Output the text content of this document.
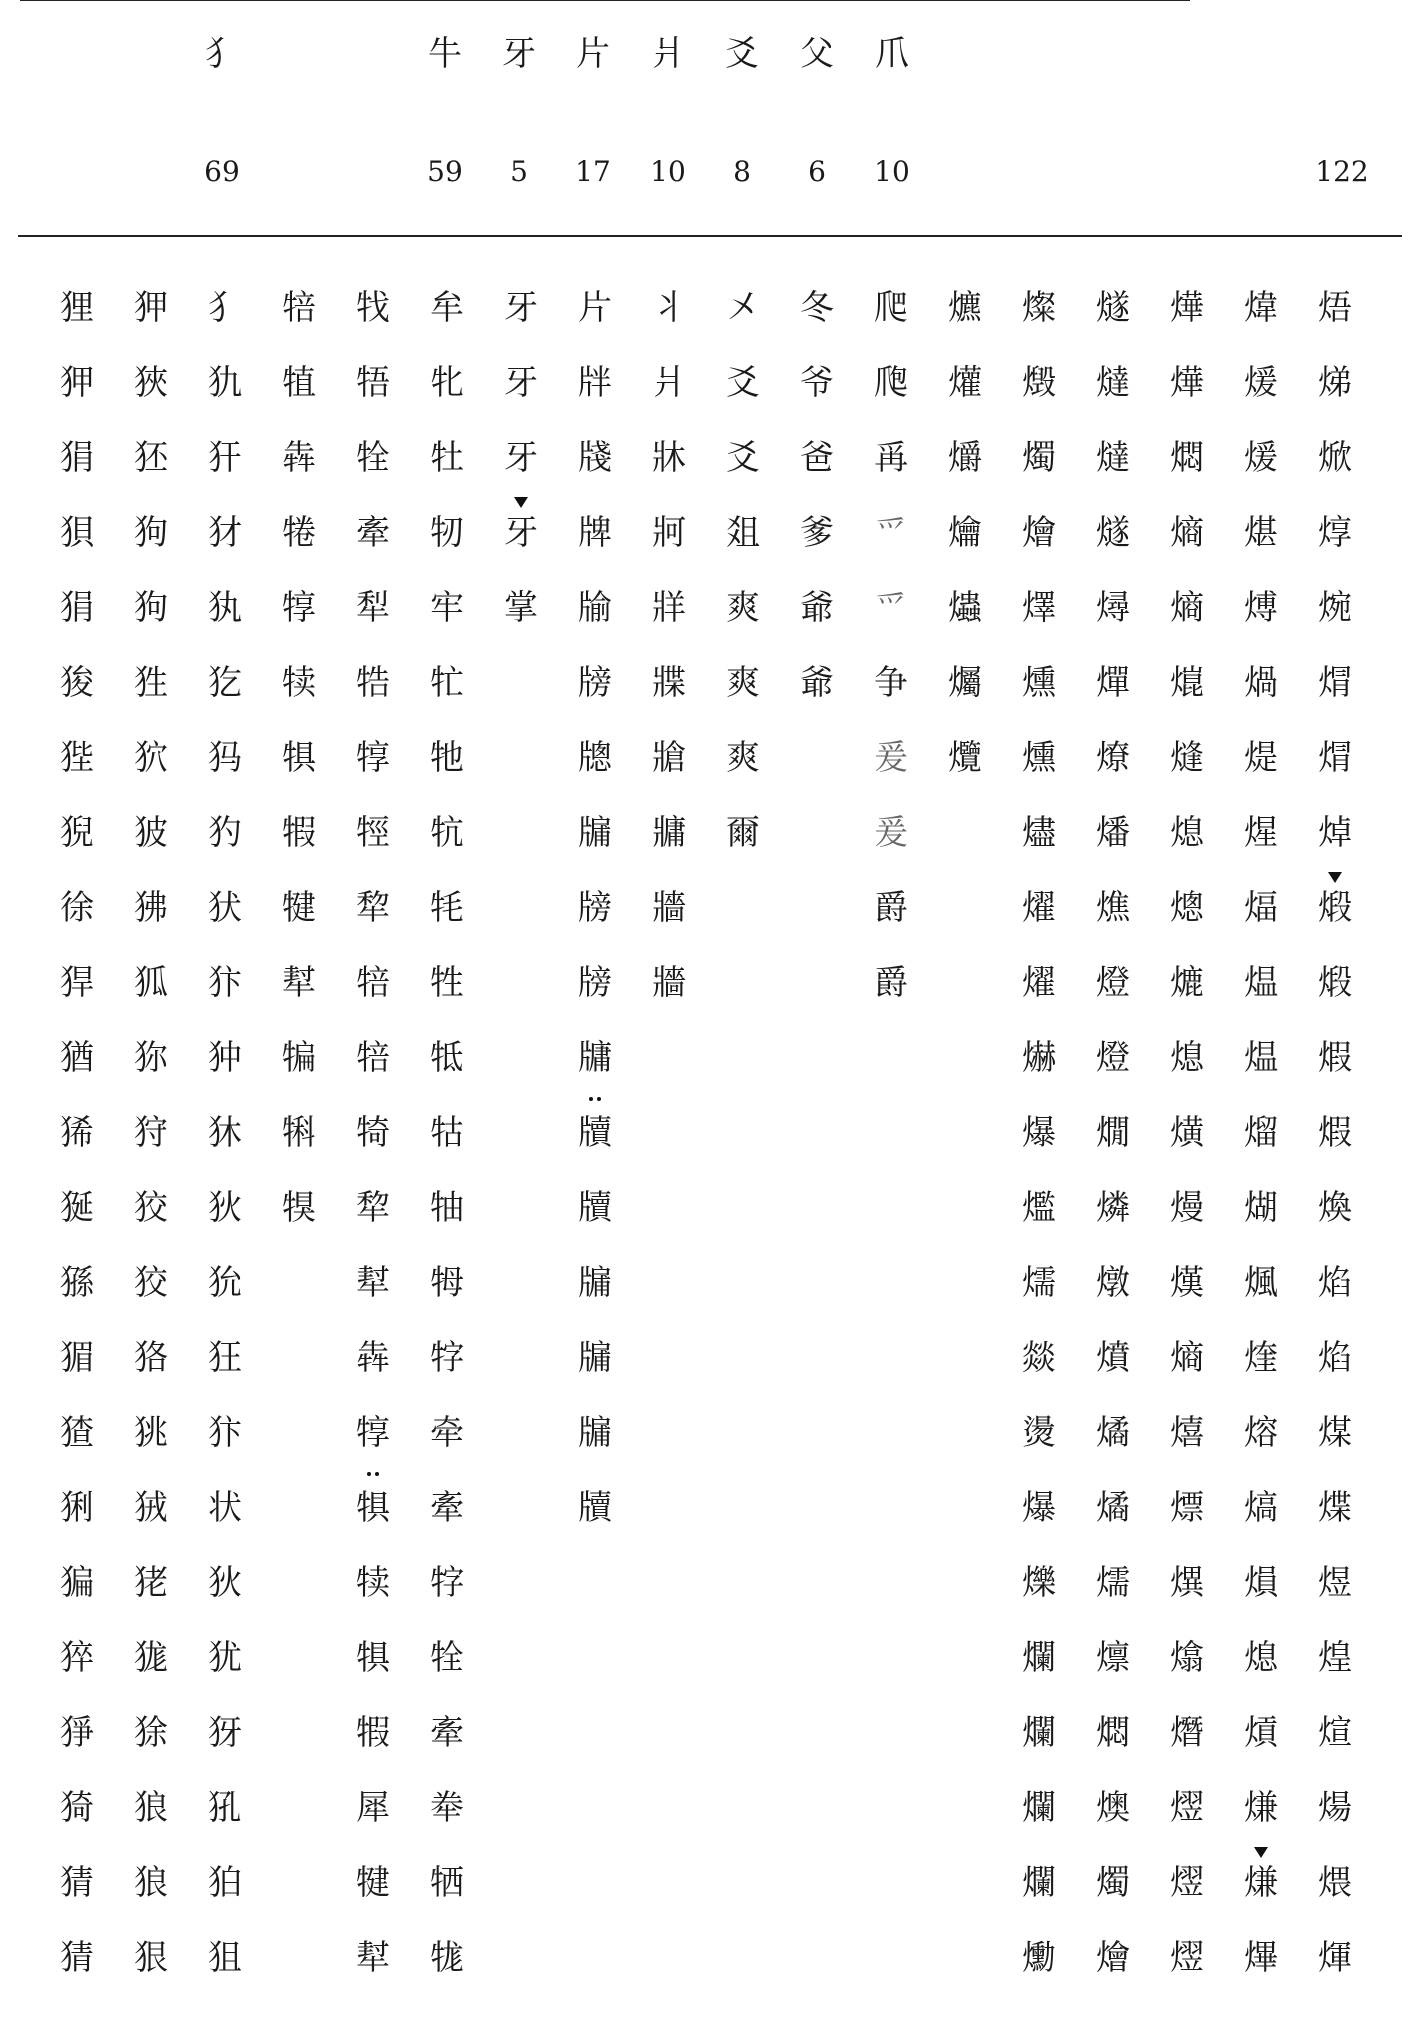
犭
69
牛
59
牙
5
片
17
爿
10
爻
8
父
6
爪
10	122
狸
狎
狷
狽
狷
狻
狴
猊
徐
猂
猶
狶
狿
猻
猸
猹
猁
猵
猝
猙
猗
猜
猜
狎
狹
狉
狗
狗
狌
狖
狓
狒
狐
狝
狩
狡
狡
狢
狣
狨
狫
狵
狳
狼
狼
狠
犭
犰
犴
犲
犱
犵
犸
犳
犾
犿
狆
狇
狄
狁
狂
犿
状
狄
犹
犽
犼
狛
狙
犃
犆
犇
犈
犉
犊
犋
犌
犍
犎
犏
犐
犑
牫
牾
牷
牽
犁
牿
犉
牼
犂
犃
犃
犄
犂
犎
犇
犉
犋
犊
犋
犌
犀
犍
犎
牟
牝
牡
牣
牢
牤
牠
牨
牦
牲
牴
牯
牰
牳
牸
牵
牽
牸
牷
牽
牶
牺
牻
牙
牙
牙
牙
掌
片
牉
牋
牌
牏
牓
牕
牖
牓
牓
牗
牘
牘
牖
牖
牖
牘
丬
爿
牀
牁
牂
牃
牄
牅
牆
牆
㐅
爻
爻
爼
爽
爽
爽
爾
冬
爷
爸
爹
爺
爺
爬
爮
爯
爫
爫
争
爰
爰
爵
爵
爊
爟
爝
爚
爞
爥
爦
燦
燬
燭
燴
燡
燻
燻
燼
燿
燿
爀
爆
爁
燸
燚
燙
爆
爍
爛
爛
爛
爛
爋
燧
燵
燵
燧
燖
燀
燎
燔
燋
燈
燈
燗
燐
燉
燌
燏
燏
燸
燷
燜
燠
燭
燴
燁
燁
燜
熵
熵
熴
熢
熄
熜
熝
熄
熿
熳
熯
熵
熺
熛
熼
熻
熸
熤
熤
熤
煒
煖
煖
煁
煿
煱
煶
煋
煏
煴
煴
熘
煳
煈
煃
熔
熇
熉
熄
熕
熑
熑
熚
焐
焍
焮
焞
焥
焨
焨
焯
煅
煅
煆
煆
煥
焰
焰
煤
煠
煜
煌
煊
煬
煨
煇
